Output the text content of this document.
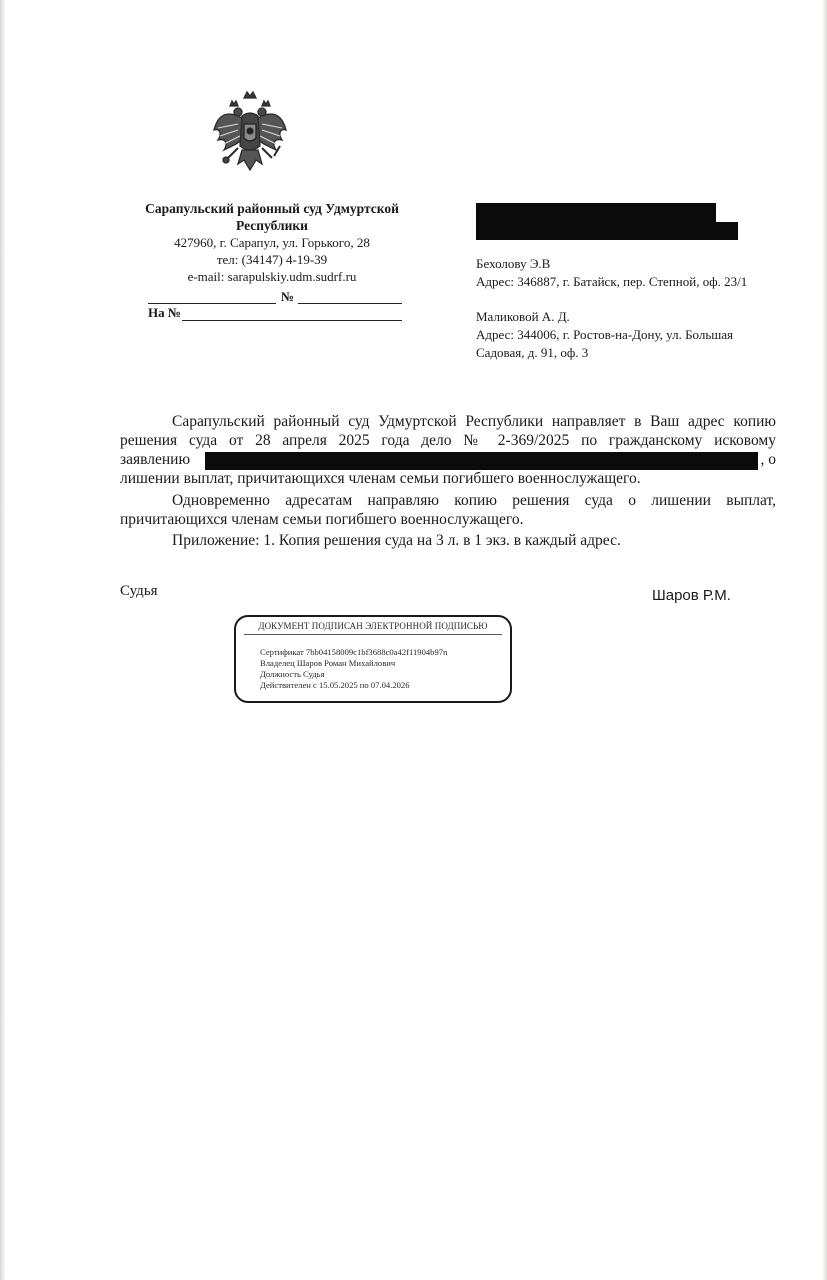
Сарапульский районный суд Удмуртской
Республики
427960, г. Сарапул, ул. Горького, 28
тел: (34147) 4-19-39
e-mail: sarapulskiy.udm.sudrf.ru
№
На №
Бехолову Э.В
Адрес: 346887, г. Батайск, пер. Степной, оф. 23/1
Маликовой А. Д.
Адрес: 344006, г. Ростов-на-Дону, ул. Большая
Садовая, д. 91, оф. 3

Сарапульский районный суд Удмуртской Республики направляет в Ваш адрес копию

решения суда от 28 апреля 2025 года дело № 2-369/2025 по гражданскому исковому

заявлению	, о

лишении выплат, причитающихся членам семьи погибшего военнослужащего.

Одновременно адресатам направляю копию решения суда о лишении выплат,

причитающихся членам семьи погибшего военнослужащего.

Приложение: 1. Копия решения суда на 3 л. в 1 экз. в каждый адрес.

Судья	Шаров Р.М.
ДОКУМЕНТ ПОДПИСАН ЭЛЕКТРОННОЙ ПОДПИСЬЮ
Сертификат 7bb04158009c1bf3688c0a42f11904b97n
Владелец Шаров Роман Михайлович
Должность Судья
Действителен с 15.05.2025 по 07.04.2026
